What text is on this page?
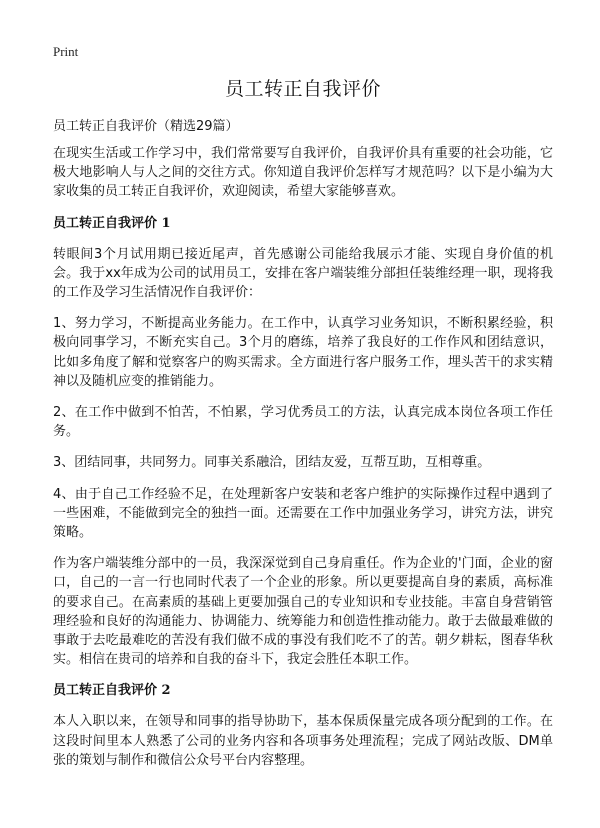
Print
员工转正自我评价
员工转正自我评价（精选29篇）

在现实生活或工作学习中，我们常常要写自我评价，自我评价具有重要的社会功能，它极大地影响人与人之间的交往方式。你知道自我评价怎样写才规范吗？以下是小编为大家收集的员工转正自我评价，欢迎阅读，希望大家能够喜欢。

员工转正自我评价 1

转眼间3个月试用期已接近尾声，首先感谢公司能给我展示才能、实现自身价值的机会。我于xx年成为公司的试用员工，安排在客户端装维分部担任装维经理一职，现将我的工作及学习生活情况作自我评价：

1、努力学习，不断提高业务能力。在工作中，认真学习业务知识，不断积累经验，积极向同事学习，不断充实自己。3个月的磨练，培养了我良好的工作作风和团结意识，比如多角度了解和觉察客户的购买需求。全方面进行客户服务工作，埋头苦干的求实精神以及随机应变的推销能力。

2、在工作中做到不怕苦，不怕累，学习优秀员工的方法，认真完成本岗位各项工作任务。

3、团结同事，共同努力。同事关系融洽，团结友爱，互帮互助，互相尊重。

4、由于自己工作经验不足，在处理新客户安装和老客户维护的实际操作过程中遇到了一些困难，不能做到完全的独挡一面。还需要在工作中加强业务学习，讲究方法，讲究策略。

作为客户端装维分部中的一员，我深深觉到自己身肩重任。作为企业的'门面，企业的窗口，自己的一言一行也同时代表了一个企业的形象。所以更要提高自身的素质，高标准的要求自己。在高素质的基础上更要加强自己的专业知识和专业技能。丰富自身营销管理经验和良好的沟通能力、协调能力、统筹能力和创造性推动能力。敢于去做最难做的事敢于去吃最难吃的苦没有我们做不成的事没有我们吃不了的苦。朝夕耕耘，图春华秋实。相信在贵司的培养和自我的奋斗下，我定会胜任本职工作。

员工转正自我评价 2

本人入职以来，在领导和同事的指导协助下，基本保质保量完成各项分配到的工作。在这段时间里本人熟悉了公司的业务内容和各项事务处理流程；完成了网站改版、DM单张的策划与制作和微信公众号平台内容整理。
